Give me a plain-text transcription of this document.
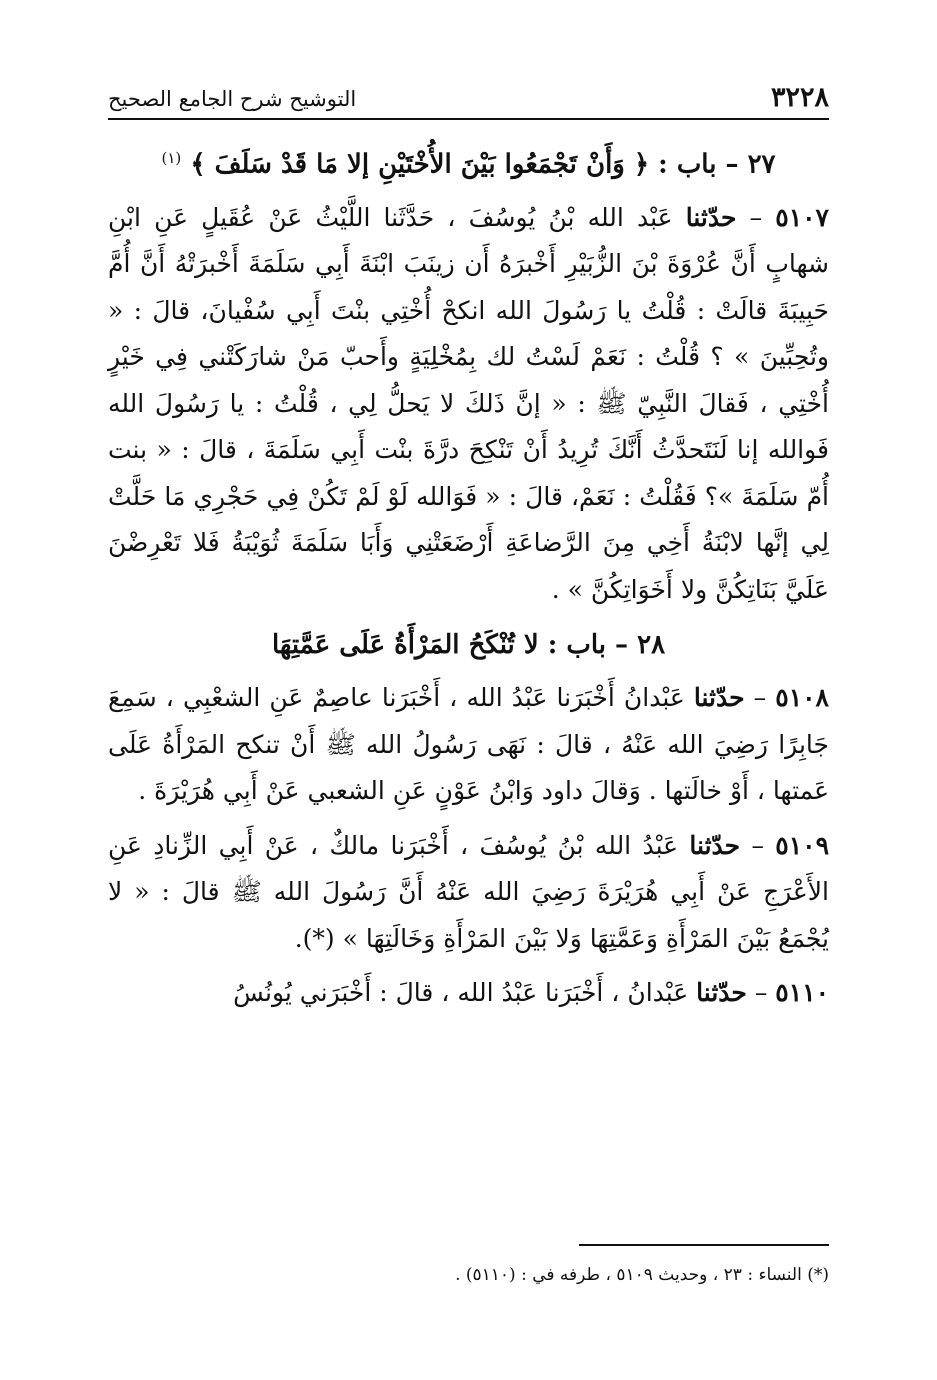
٣٢٢٨
التوشيح شرح الجامع الصحيح
٢٧ – باب : ﴿ وَأَنْ تَجْمَعُوا بَيْنَ الأُخْتَيْنِ إلا مَا قَدْ سَلَفَ ﴾ $^{(١)}$

٥١٠٧ – حدّثنا عَبْد الله بْنُ يُوسُفَ ، حَدَّثَنا اللَّيْثُ عَنْ عُقَيلٍ عَنِ ابْنِ شهابٍ أَنَّ عُرْوَةَ بْنَ الزُّبَيْرِ أَخْبرَهُ أَن زينَبَ ابْنَةَ أَبِي سَلَمَةَ أَخْبرَتْهُ أَنَّ أُمَّ حَبِيبَةَ قالَتْ : قُلْتُ يا رَسُولَ الله انكحْ أُخْتِي بنْتَ أَبِي سُفْيانَ، قالَ : « وتُحِبِّينَ » ؟ قُلْتُ : نَعَمْ لَسْتُ لك بِمُخْلِيَةٍ وأَحبّ مَنْ شارَكَتْني فِي خَيْرٍ أُخْتِي ، فَقالَ النَّبِيّ ﷺ : « إنَّ ذَلكَ لا يَحلُّ لِي ، قُلْتُ : يا رَسُولَ الله فَوالله إنا لَنَتَحدَّثُ أَنَّكَ تُرِيدُ أَنْ تَنْكِحَ درَّةَ بنْت أَبِي سَلَمَةَ ، قالَ : « بنت أُمّ سَلَمَةَ »؟ فَقُلْتُ : نَعَمْ، قالَ : « فَوَالله لَوْ لَمْ تَكُنْ فِي حَجْرِي مَا حَلَّتْ لِي إنَّها لابْنَةُ أَخِي مِنَ الرَّضاعَةِ أَرْضَعَتْنِي وَأَبَا سَلَمَةَ ثُوَيْبَةُ فَلا تَعْرِضْنَ عَلَيَّ بَنَاتِكُنَّ ولا أَخَوَاتِكُنَّ » .

٢٨ – باب : لا تُنْكَحُ المَرْأَةُ عَلَى عَمَّتِهَا

٥١٠٨ – حدّثنا عَبْدانُ أَخْبَرَنا عَبْدُ الله ، أَخْبَرَنا عاصِمٌ عَنِ الشعْبِي ، سَمِعَ جَابِرًا رَضِيَ الله عَنْهُ ، قالَ : نَهَى رَسُولُ الله ﷺ أَنْ تنكح المَرْأَةُ عَلَى عَمتها ، أَوْ خالَتها . وَقالَ داود وَابْنُ عَوْنٍ عَنِ الشعبي عَنْ أَبِي هُرَيْرَةَ .

٥١٠٩ – حدّثنا عَبْدُ الله بْنُ يُوسُفَ ، أَخْبَرَنا مالكٌ ، عَنْ أَبِي الزِّنادِ عَنِ الأَعْرَجِ عَنْ أَبِي هُرَيْرَةَ رَضِيَ الله عَنْهُ أَنَّ رَسُولَ الله ﷺ قالَ : « لا يُجْمَعُ بَيْنَ المَرْأَةِ وَعَمَّتِهَا وَلا بَيْنَ المَرْأَةِ وَخَالَتِهَا » (*).

٥١١٠ – حدّثنا عَبْدانُ ، أَخْبَرَنا عَبْدُ الله ، قالَ : أَخْبَرَني يُونُسُ

(*) النساء : ٢٣ ، وحديث ٥١٠٩ ، طرفه في : (٥١١٠) .
